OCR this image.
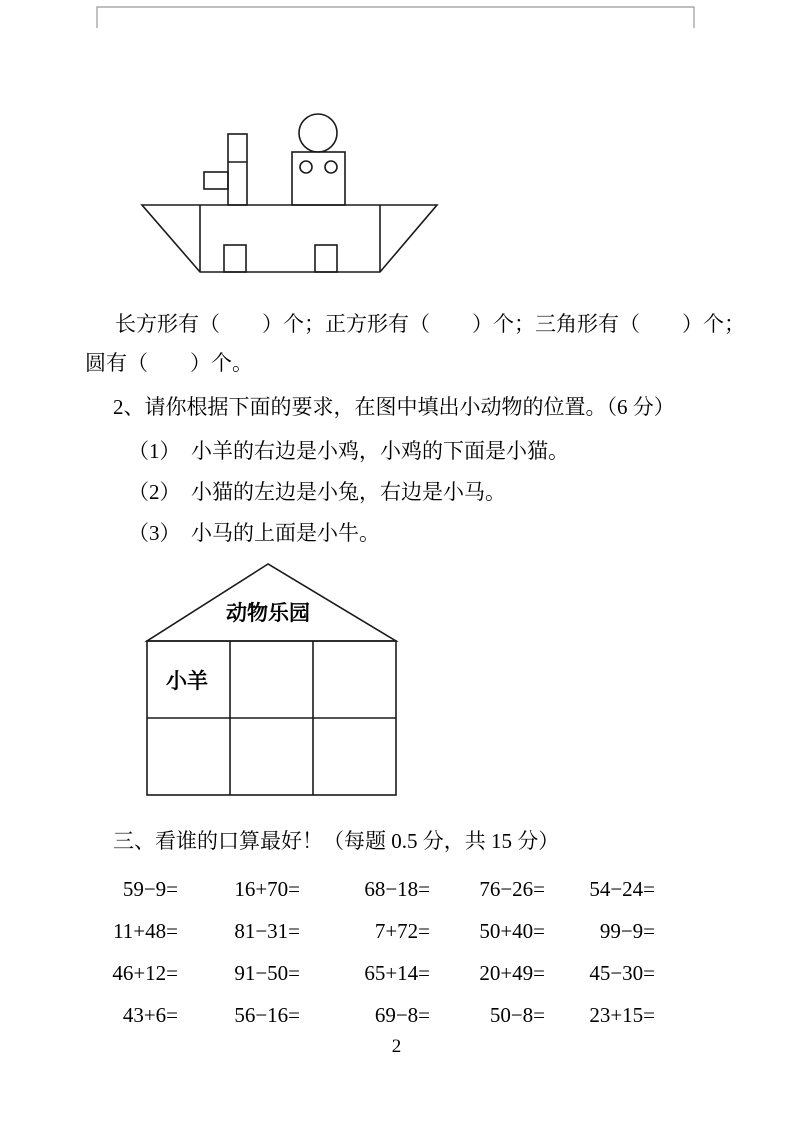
动物乐园
小羊
长方形有（　　）个；正方形有（　　）个；三角形有（　　）个；
圆有（　　）个。
2、请你根据下面的要求，在图中填出小动物的位置。（6 分）
（1）　小羊的右边是小鸡，小鸡的下面是小猫。
（2）　小猫的左边是小兔，右边是小马。
（3）　小马的上面是小牛。
三、看谁的口算最好！（每题 0.5 分，共 15 分）
59−9=	16+70=	68−18=	76−26=	54−24=
11+48=	81−31=	7+72=	50+40=	99−9=
46+12=	91−50=	65+14=	20+49=	45−30=
43+6=	56−16=	69−8=	50−8=	23+15=
2
